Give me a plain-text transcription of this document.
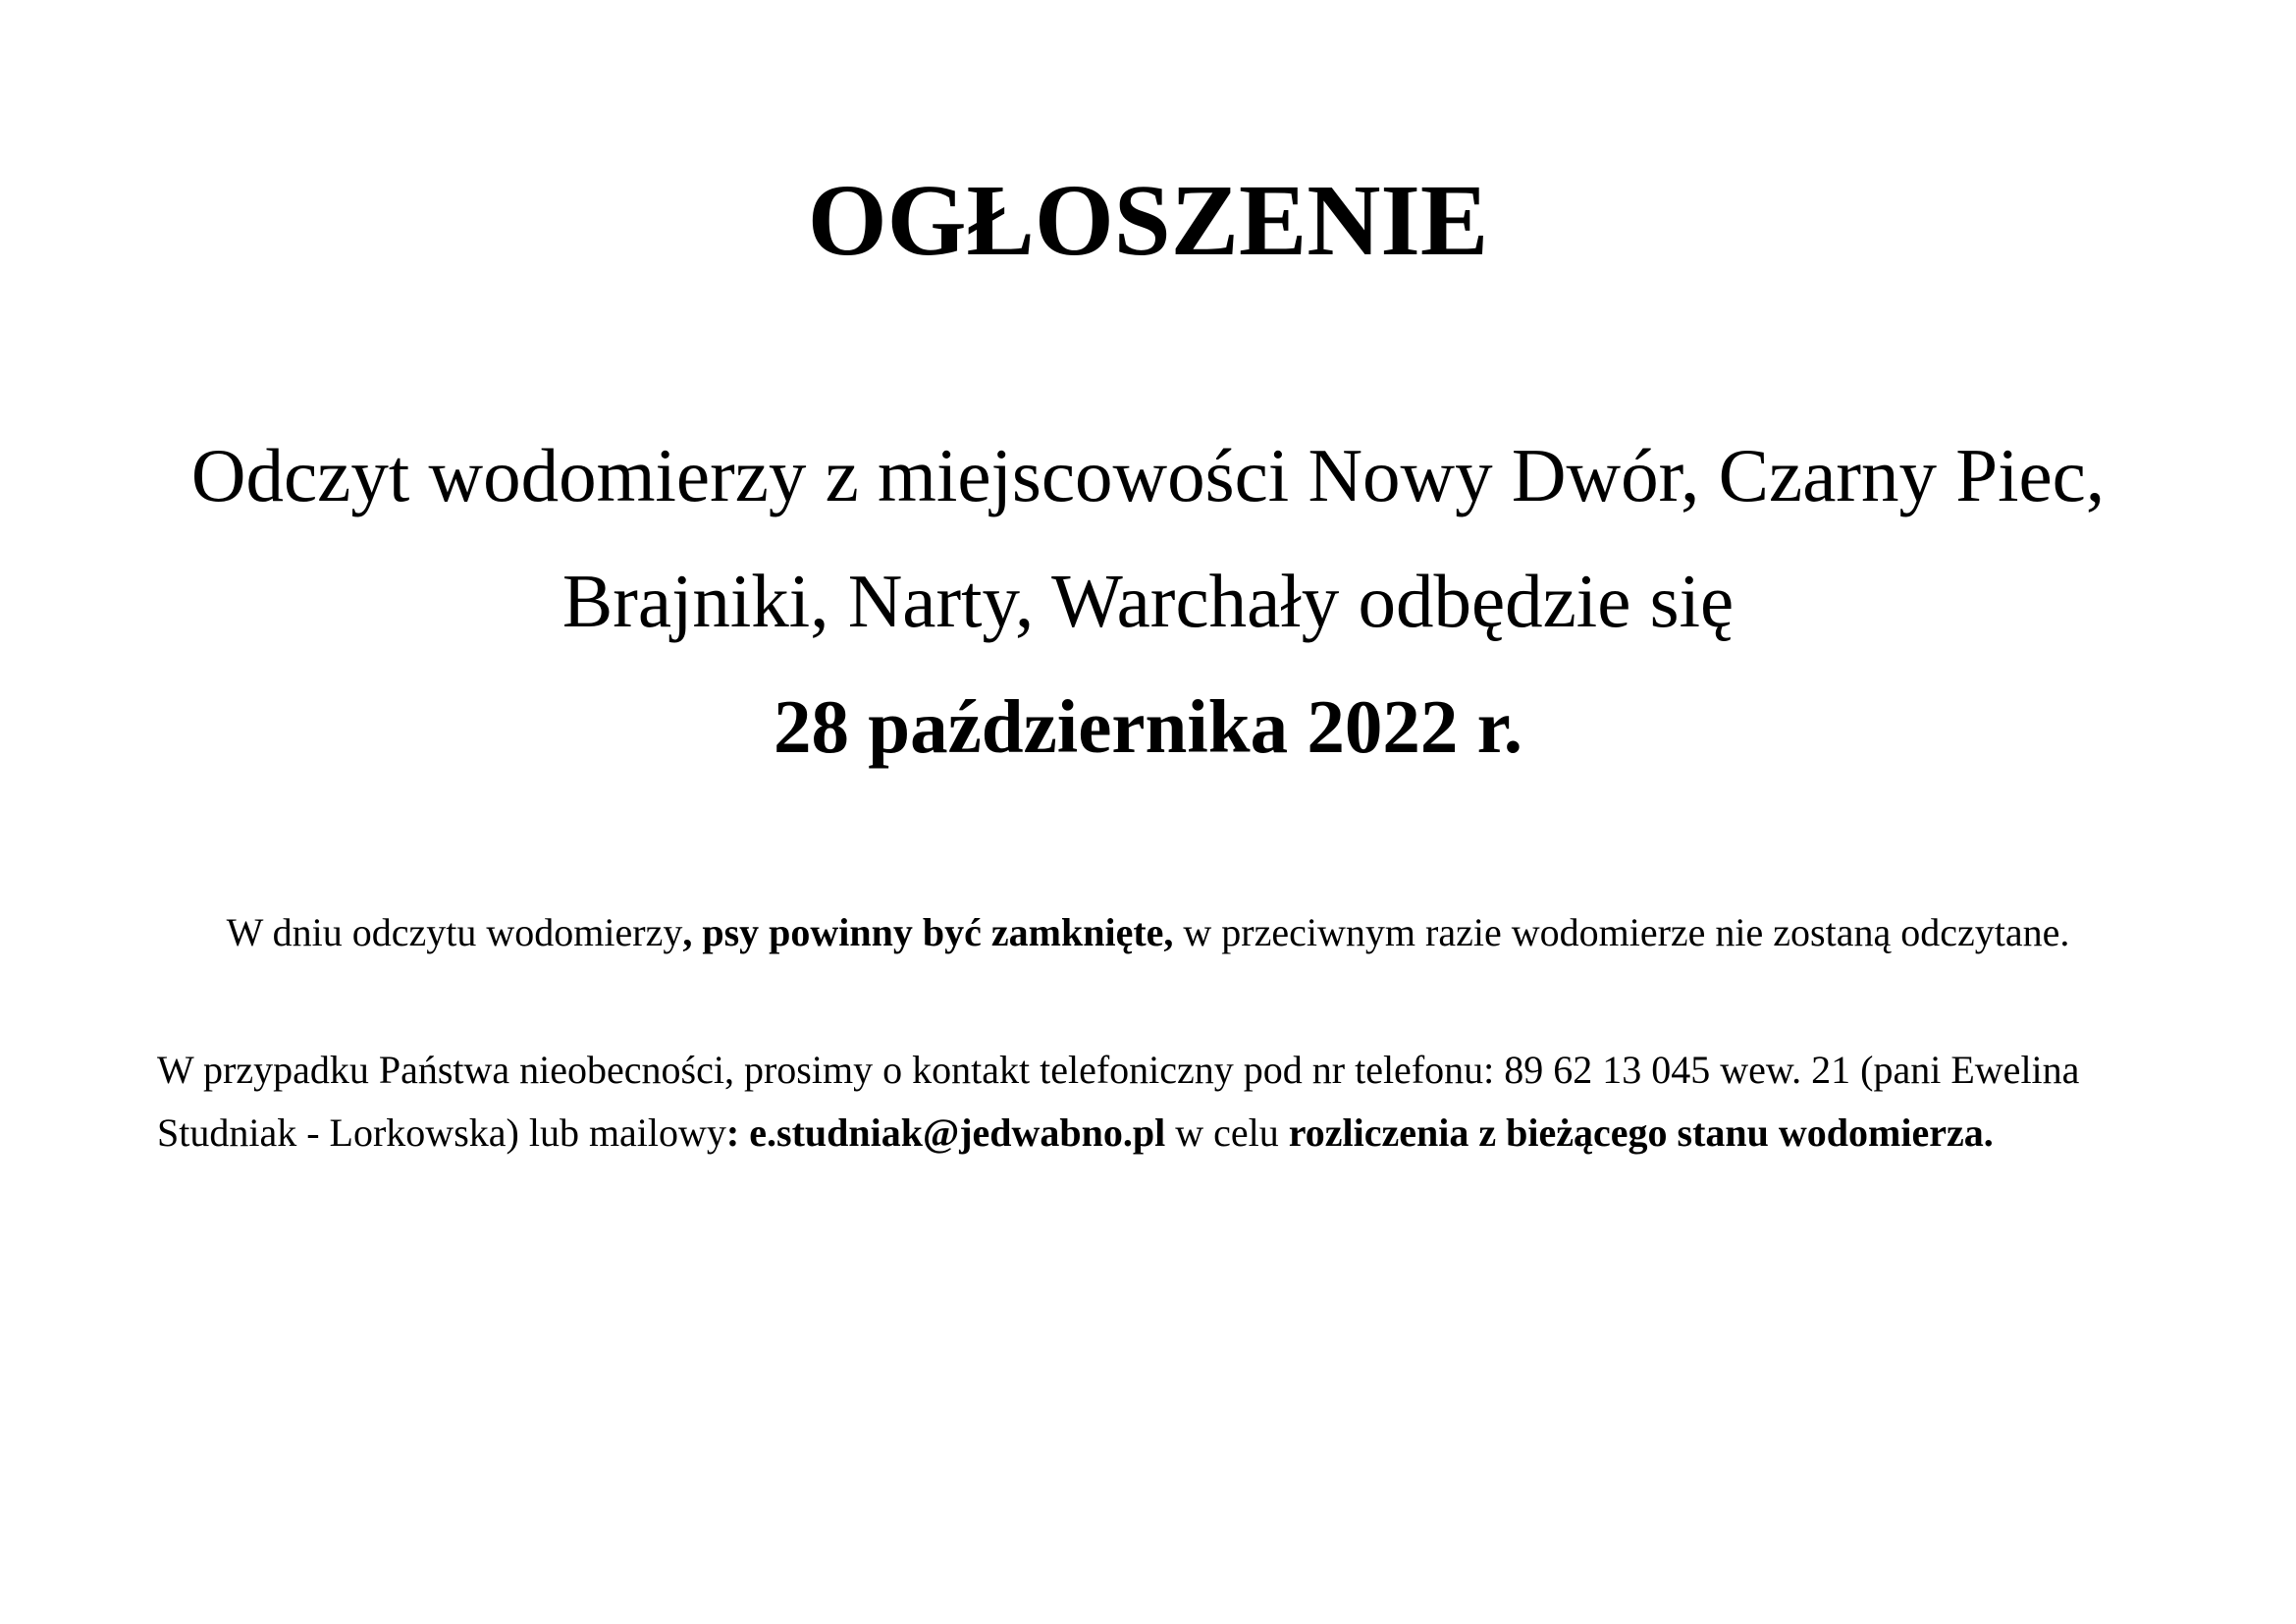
OGŁOSZENIE

Odczyt wodomierzy z miejscowości Nowy Dwór, Czarny Piec, Brajniki, Narty, Warchały odbędzie się
28 października 2022 r.

W dniu odczytu wodomierzy, psy powinny być zamknięte, w przeciwnym razie wodomierze nie zostaną odczytane.

W przypadku Państwa nieobecności, prosimy o kontakt telefoniczny pod nr telefonu: 89 62 13 045 wew. 21 (pani Ewelina Studniak - Lorkowska) lub mailowy: e.studniak@jedwabno.pl w celu rozliczenia z bieżącego stanu wodomierza.
